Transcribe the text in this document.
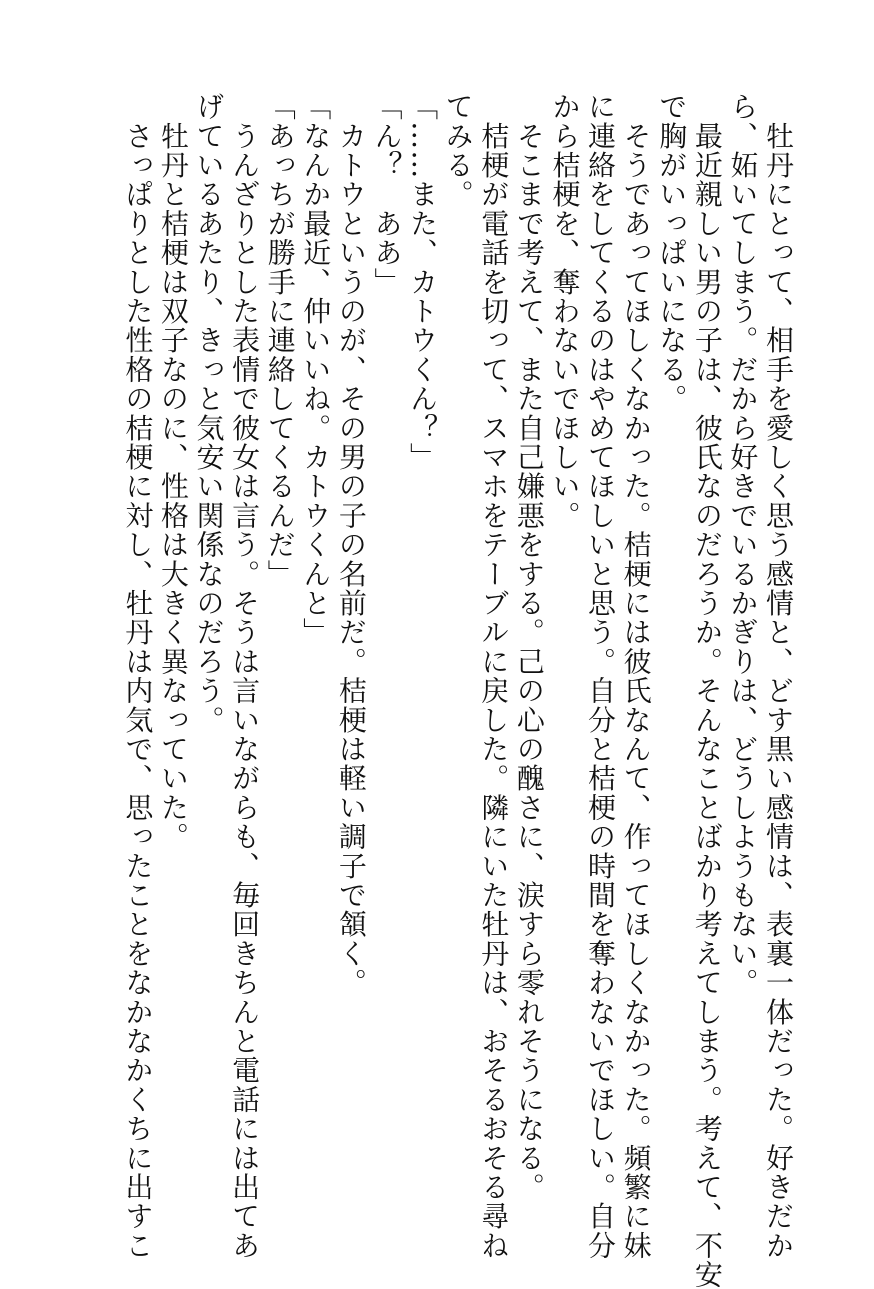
　牡丹にとって、相手を愛しく思う感情と、どす黒い感情は、表裏一体だった。好きだか
ら、妬いてしまう。だから好きでいるかぎりは、どうしようもない。
　最近親しい男の子は、彼氏なのだろうか。そんなことばかり考えてしまう。考えて、不安
で胸がいっぱいになる。
　そうであってほしくなかった。桔梗には彼氏なんて、作ってほしくなかった。頻繁に妹
に連絡をしてくるのはやめてほしいと思う。自分と桔梗の時間を奪わないでほしい。自分
から桔梗を、奪わないでほしい。
　そこまで考えて、また自己嫌悪をする。己の心の醜さに、涙すら零れそうになる。
　桔梗が電話を切って、スマホをテーブルに戻した。隣にいた牡丹は、おそるおそる尋ね
てみる。
「……また、カトウくん？」
「ん？　ああ」
　カトウというのが、その男の子の名前だ。桔梗は軽い調子で頷く。
「なんか最近、仲いいね。カトウくんと」
「あっちが勝手に連絡してくるんだ」
　うんざりとした表情で彼女は言う。そうは言いながらも、毎回きちんと電話には出てあ
げているあたり、きっと気安い関係なのだろう。
　牡丹と桔梗は双子なのに、性格は大きく異なっていた。
　さっぱりとした性格の桔梗に対し、牡丹は内気で、思ったことをなかなかくちに出すこ
